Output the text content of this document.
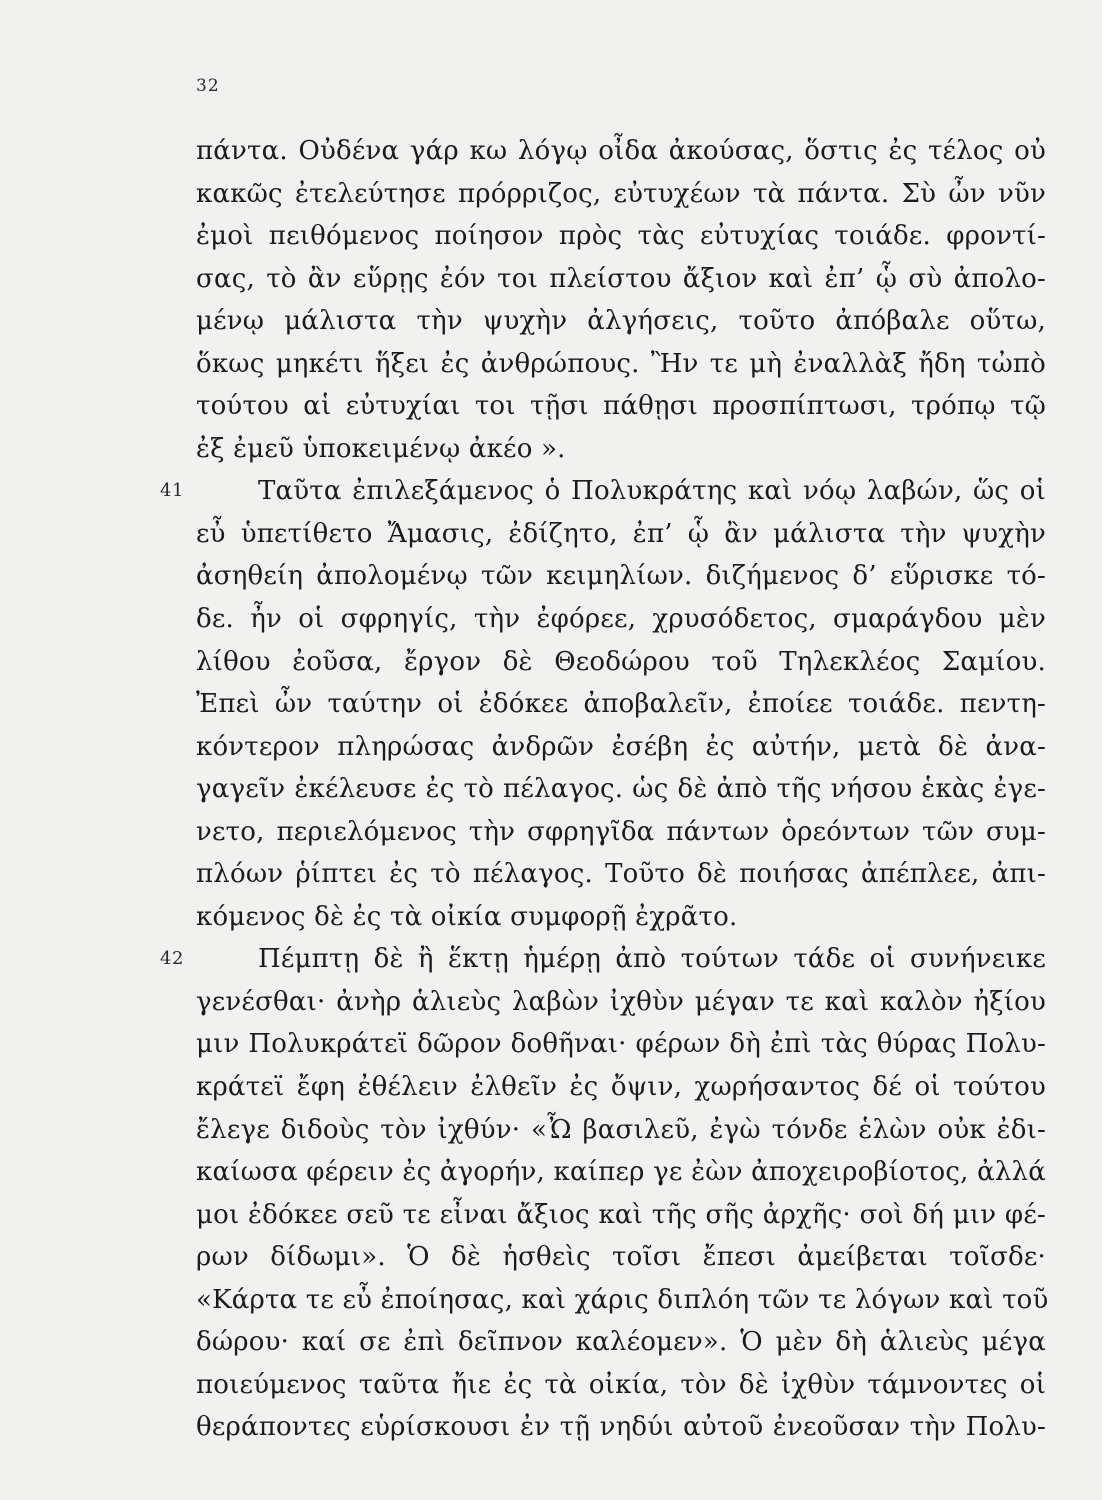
32
πάντα. Οὐδένα γάρ κω λόγῳ οἶδα ἀκούσας, ὅστις ἐς τέλος οὐ
κακῶς ἐτελεύτησε πρόρριζος, εὐτυχέων τὰ πάντα. Σὺ ὦν νῦν
ἐμοὶ πειθόμενος ποίησον πρὸς τὰς εὐτυχίας τοιάδε. φροντί-
σας, τὸ ἂν εὕρῃς ἐόν τοι πλείστου ἄξιον καὶ ἐπ’ ᾧ σὺ ἀπολο-
μένῳ μάλιστα τὴν ψυχὴν ἀλγήσεις, τοῦτο ἀπόβαλε οὕτω,
ὅκως μηκέτι ἥξει ἐς ἀνθρώπους. Ἢν τε μὴ ἐναλλὰξ ἤδη τὠπὸ
τούτου αἱ εὐτυχίαι τοι τῇσι πάθῃσι προσπίπτωσι, τρόπῳ τῷ
ἐξ ἐμεῦ ὑποκειμένῳ ἀκέο ».
41	Ταῦτα ἐπιλεξάμενος ὁ Πολυκράτης καὶ νόῳ λαβών, ὥς οἱ
εὖ ὑπετίθετο Ἄμασις, ἐδίζητο, ἐπ’ ᾧ ἂν μάλιστα τὴν ψυχὴν
ἀσηθείη ἀπολομένῳ τῶν κειμηλίων. διζήμενος δ’ εὕρισκε τό-
δε. ἦν οἱ σφρηγίς, τὴν ἐφόρεε, χρυσόδετος, σμαράγδου μὲν
λίθου ἐοῦσα, ἔργον δὲ Θεοδώρου τοῦ Τηλεκλέος Σαμίου.
Ἐπεὶ ὦν ταύτην οἱ ἐδόκεε ἀποβαλεῖν, ἐποίεε τοιάδε. πεντη-
κόντερον πληρώσας ἀνδρῶν ἐσέβη ἐς αὐτήν, μετὰ δὲ ἀνα-
γαγεῖν ἐκέλευσε ἐς τὸ πέλαγος. ὡς δὲ ἀπὸ τῆς νήσου ἑκὰς ἐγε-
νετο, περιελόμενος τὴν σφρηγῖδα πάντων ὁρεόντων τῶν συμ-
πλόων ῥίπτει ἐς τὸ πέλαγος. Τοῦτο δὲ ποιήσας ἀπέπλεε, ἀπι-
κόμενος δὲ ἐς τὰ οἰκία συμφορῇ ἐχρᾶτο.
42	Πέμπτῃ δὲ ἢ ἕκτῃ ἡμέρῃ ἀπὸ τούτων τάδε οἱ συνήνεικε
γενέσθαι· ἀνὴρ ἁλιεὺς λαβὼν ἰχθὺν μέγαν τε καὶ καλὸν ἠξίου
μιν Πολυκράτεϊ δῶρον δοθῆναι· φέρων δὴ ἐπὶ τὰς θύρας Πολυ-
κράτεϊ ἔφη ἐθέλειν ἐλθεῖν ἐς ὄψιν, χωρήσαντος δέ οἱ τούτου
ἔλεγε διδοὺς τὸν ἰχθύν· «Ὦ βασιλεῦ, ἐγὼ τόνδε ἑλὼν οὐκ ἐδι-
καίωσα φέρειν ἐς ἀγορήν, καίπερ γε ἐὼν ἀποχειροβίοτος, ἀλλά
μοι ἐδόκεε σεῦ τε εἶναι ἄξιος καὶ τῆς σῆς ἀρχῆς· σοὶ δή μιν φέ-
ρων δίδωμι». Ὁ δὲ ἡσθεὶς τοῖσι ἔπεσι ἀμείβεται τοῖσδε·
«Κάρτα τε εὖ ἐποίησας, καὶ χάρις διπλόη τῶν τε λόγων καὶ τοῦ
δώρου· καί σε ἐπὶ δεῖπνον καλέομεν». Ὁ μὲν δὴ ἁλιεὺς μέγα
ποιεύμενος ταῦτα ἤιε ἐς τὰ οἰκία, τὸν δὲ ἰχθὺν τάμνοντες οἱ
θεράποντες εὑρίσκουσι ἐν τῇ νηδύι αὐτοῦ ἐνεοῦσαν τὴν Πολυ-
